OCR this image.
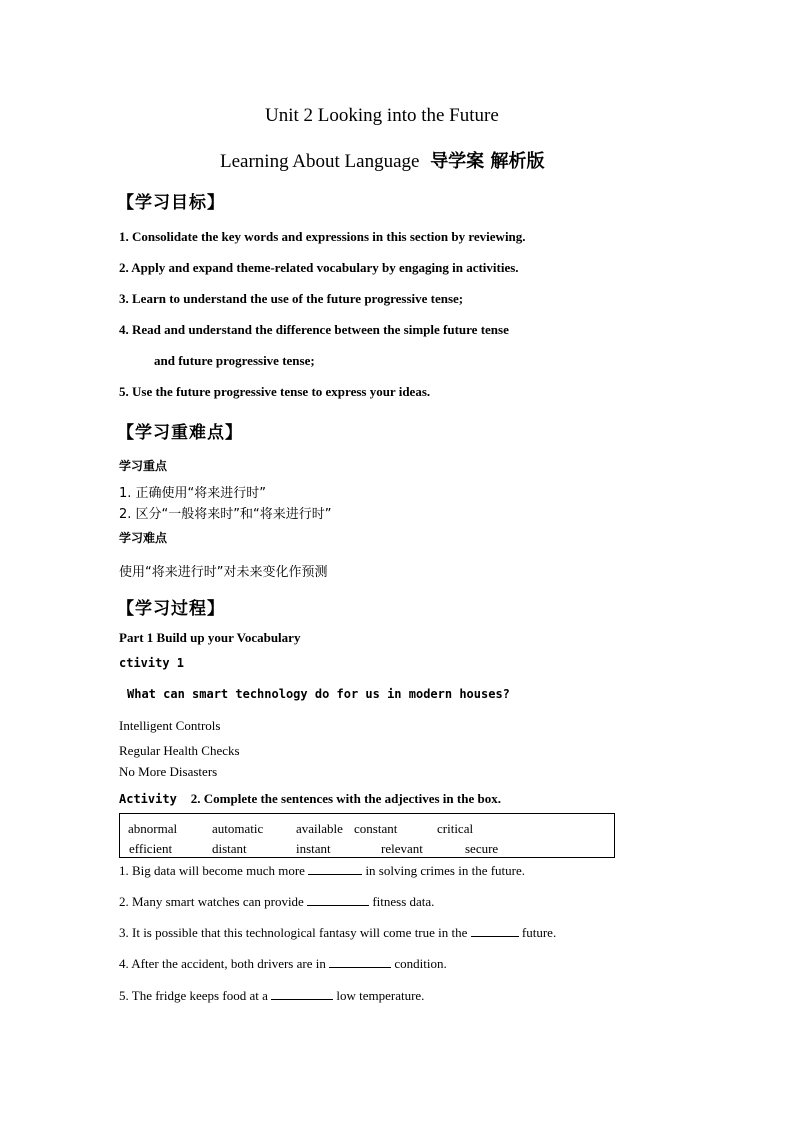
Unit 2 Looking into the Future
Learning About Language 导学案 解析版
【学习目标】
1. Consolidate the key words and expressions in this section by reviewing.
2. Apply and expand theme-related vocabulary by engaging in activities.
3. Learn to understand the use of the future progressive tense;
4. Read and understand the difference between the simple future tense
and future progressive tense;
5. Use the future progressive tense to express your ideas.
【学习重难点】
学习重点
1. 正确使用“将来进行时”
2. 区分“一般将来时”和“将来进行时”
学习难点
使用“将来进行时”对未来变化作预测
【学习过程】
Part 1 Build up your Vocabulary
ctivity 1
What can smart technology do for us in modern houses?
Intelligent Controls
Regular Health Checks
No More Disasters
Activity 2. Complete the sentences with the adjectives in the box.
abnormal	automatic	available constant	critical
efficient	distant	instant	relevant	secure
1. Big data will become much more	in solving crimes in the future.
2. Many smart watches can provide	fitness data.
3. It is possible that this technological fantasy will come true in the	future.
4. After the accident, both drivers are in	condition.
5. The fridge keeps food at a	low temperature.
